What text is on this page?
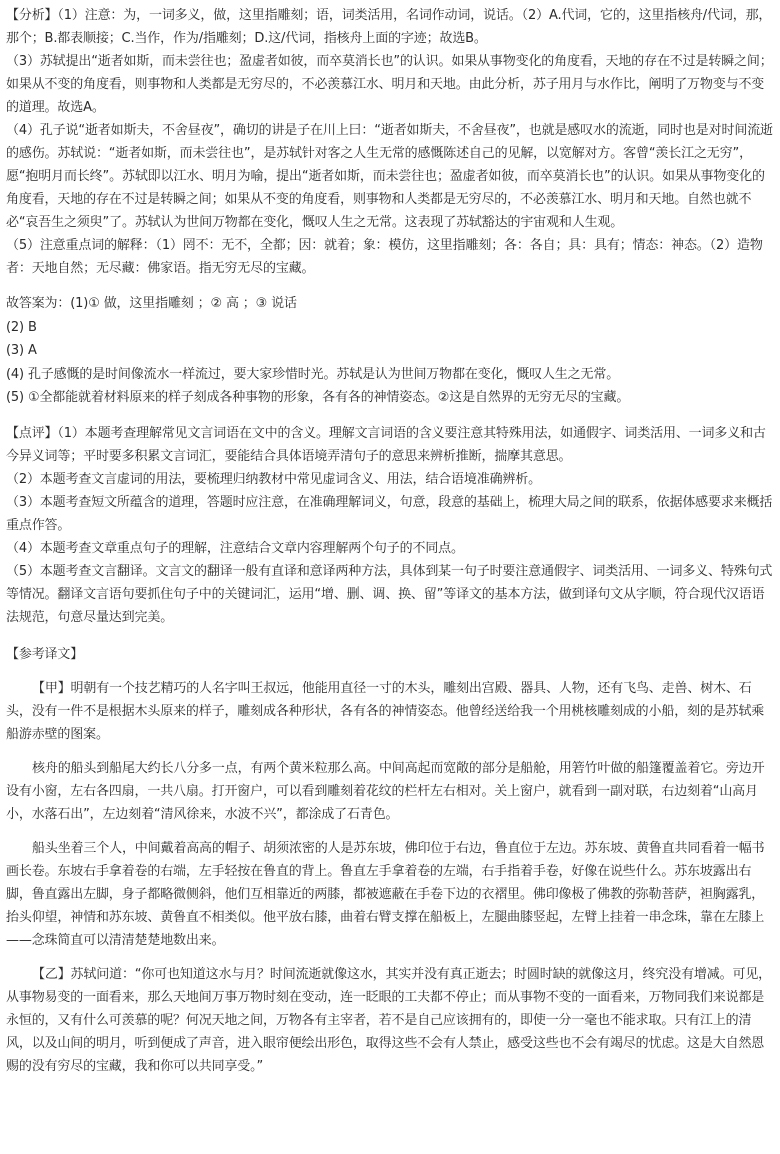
【分析】（1）注意：为，一词多义，做，这里指雕刻；语，词类活用，名词作动词，说话。（2）A.代词，它的，这里指核舟/代词，那，那个；B.都表顺接；C.当作，作为/指雕刻；D.这/代词，指核舟上面的字迹；故选B。

（3）苏轼提出“逝者如斯，而未尝往也；盈虚者如彼，而卒莫消长也”的认识。如果从事物变化的角度看，天地的存在不过是转瞬之间；如果从不变的角度看，则事物和人类都是无穷尽的，不必羡慕江水、明月和天地。由此分析，苏子用月与水作比，阐明了万物变与不变的道理。故选A。

（4）孔子说“逝者如斯夫，不舍昼夜”，确切的讲是子在川上曰：“逝者如斯夫，不舍昼夜”，也就是感叹水的流逝，同时也是对时间流逝的感伤。苏轼说：“逝者如斯，而未尝往也”，是苏轼针对客之人生无常的感慨陈述自己的见解，以宽解对方。客曾“羡长江之无穷”，愿“抱明月而长终”。苏轼即以江水、明月为喻，提出“逝者如斯，而未尝往也；盈虚者如彼，而卒莫消长也”的认识。如果从事物变化的角度看，天地的存在不过是转瞬之间；如果从不变的角度看，则事物和人类都是无穷尽的，不必羡慕江水、明月和天地。自然也就不必“哀吾生之须臾”了。苏轼认为世间万物都在变化，慨叹人生之无常。这表现了苏轼豁达的宇宙观和人生观。

（5）注意重点词的解释：（1）罔不：无不，全都；因：就着；象：模仿，这里指雕刻；各：各自；具：具有；情态：神态。（2）造物者：天地自然；无尽藏：佛家语。指无穷无尽的宝藏。

故答案为：(1)① 做，这里指雕刻 ；② 高 ；③ 说话

(2) B

(3) A

(4) 孔子感慨的是时间像流水一样流过，要大家珍惜时光。苏轼是认为世间万物都在变化，慨叹人生之无常。

(5) ①全都能就着材料原来的样子刻成各种事物的形象，各有各的神情姿态。②这是自然界的无穷无尽的宝藏。

【点评】（1）本题考查理解常见文言词语在文中的含义。理解文言词语的含义要注意其特殊用法，如通假字、词类活用、一词多义和古今异义词等；平时要多积累文言词汇，要能结合具体语境弄清句子的意思来辨析推断，揣摩其意思。

（2）本题考查文言虚词的用法，要梳理归纳教材中常见虚词含义、用法，结合语境准确辨析。

（3）本题考查短文所蕴含的道理，答题时应注意，在准确理解词义，句意，段意的基础上，梳理大局之间的联系，依据体感要求来概括重点作答。

（4）本题考查文章重点句子的理解，注意结合文章内容理解两个句子的不同点。

（5）本题考查文言翻译。文言文的翻译一般有直译和意译两种方法，具体到某一句子时要注意通假字、词类活用、一词多义、特殊句式等情况。翻译文言语句要抓住句子中的关键词汇，运用“增、删、调、换、留”等译文的基本方法，做到译句文从字顺，符合现代汉语语法规范，句意尽量达到完美。

【参考译文】

【甲】明朝有一个技艺精巧的人名字叫王叔远，他能用直径一寸的木头，雕刻出宫殿、器具、人物，还有飞鸟、走兽、树木、石头，没有一件不是根据木头原来的样子，雕刻成各种形状，各有各的神情姿态。他曾经送给我一个用桃核雕刻成的小船，刻的是苏轼乘船游赤壁的图案。

核舟的船头到船尾大约长八分多一点，有两个黄米粒那么高。中间高起而宽敞的部分是船舱，用箬竹叶做的船篷覆盖着它。旁边开设有小窗，左右各四扇，一共八扇。打开窗户，可以看到雕刻着花纹的栏杆左右相对。关上窗户，就看到一副对联，右边刻着“山高月小，水落石出”，左边刻着“清风徐来，水波不兴”，都涂成了石青色。

船头坐着三个人，中间戴着高高的帽子、胡须浓密的人是苏东坡，佛印位于右边，鲁直位于左边。苏东坡、黄鲁直共同看着一幅书画长卷。东坡右手拿着卷的右端，左手轻按在鲁直的背上。鲁直左手拿着卷的左端，右手指着手卷，好像在说些什么。苏东坡露出右脚，鲁直露出左脚，身子都略微侧斜，他们互相靠近的两膝，都被遮蔽在手卷下边的衣褶里。佛印像极了佛教的弥勒菩萨，袒胸露乳，抬头仰望，神情和苏东坡、黄鲁直不相类似。他平放右膝，曲着右臂支撑在船板上，左腿曲膝竖起，左臂上挂着一串念珠，靠在左膝上——念珠简直可以清清楚楚地数出来。

【乙】苏轼问道：“你可也知道这水与月？时间流逝就像这水，其实并没有真正逝去；时圆时缺的就像这月，终究没有增减。可见，从事物易变的一面看来，那么天地间万事万物时刻在变动，连一眨眼的工夫都不停止；而从事物不变的一面看来，万物同我们来说都是永恒的，又有什么可羡慕的呢？何况天地之间，万物各有主宰者，若不是自己应该拥有的，即使一分一毫也不能求取。只有江上的清风，以及山间的明月，听到便成了声音，进入眼帘便绘出形色，取得这些不会有人禁止，感受这些也不会有竭尽的忧虑。这是大自然恩赐的没有穷尽的宝藏，我和你可以共同享受。”
